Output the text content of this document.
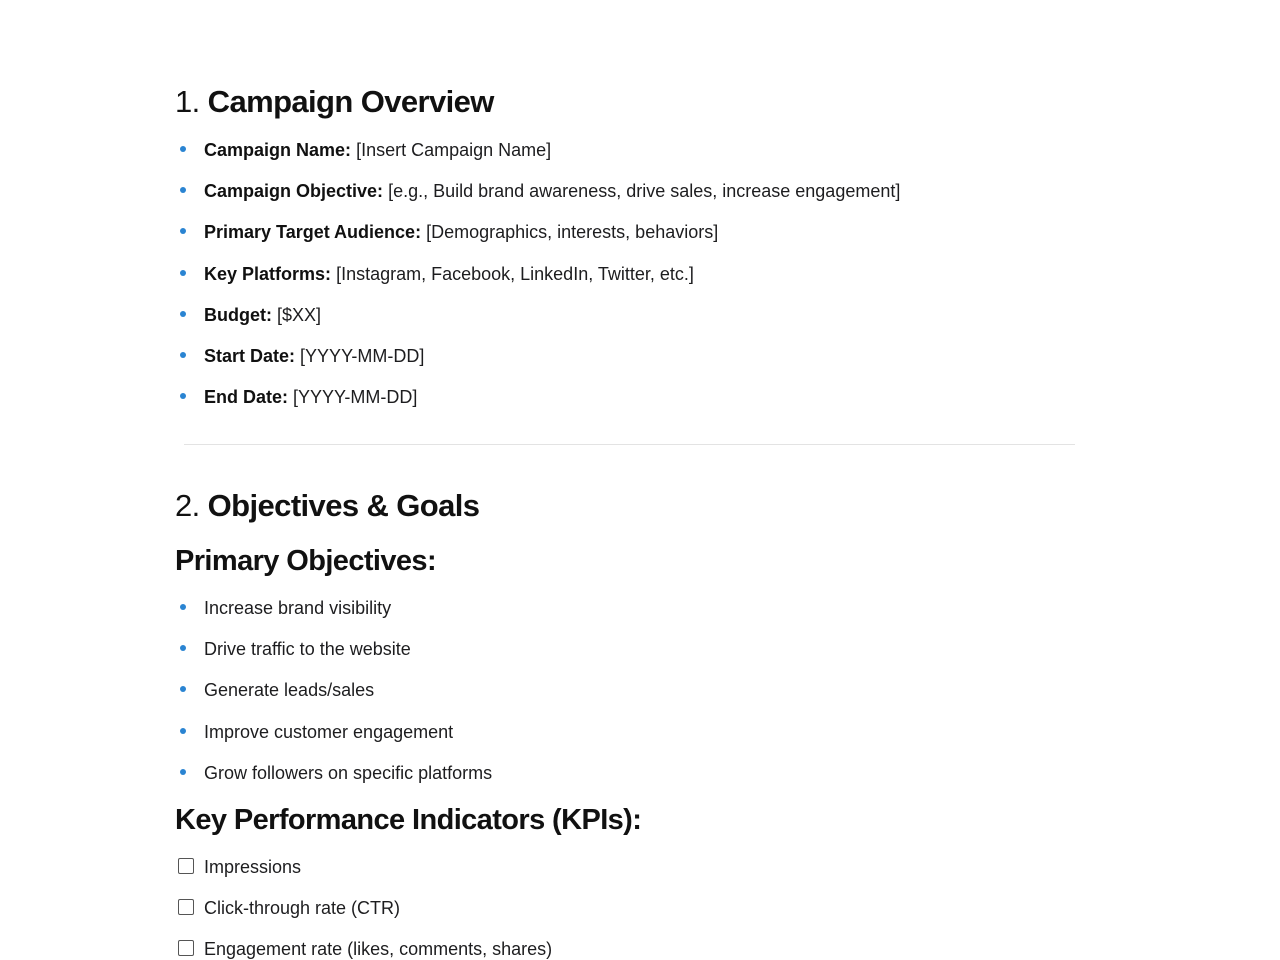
1. Campaign Overview
Campaign Name: [Insert Campaign Name]
Campaign Objective: [e.g., Build brand awareness, drive sales, increase engagement]
Primary Target Audience: [Demographics, interests, behaviors]
Key Platforms: [Instagram, Facebook, LinkedIn, Twitter, etc.]
Budget: [$XX]
Start Date: [YYYY-MM-DD]
End Date: [YYYY-MM-DD]
2. Objectives & Goals
Primary Objectives:
Increase brand visibility
Drive traffic to the website
Generate leads/sales
Improve customer engagement
Grow followers on specific platforms
Key Performance Indicators (KPIs):
Impressions
Click-through rate (CTR)
Engagement rate (likes, comments, shares)
